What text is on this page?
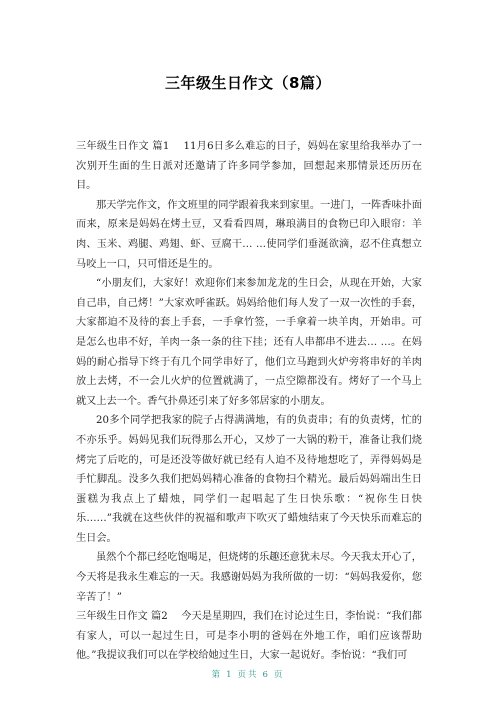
三年级生日作文（8篇）

三年级生日作文 篇1　 11月6日多么难忘的日子，妈妈在家里给我举办了一次别开生面的生日派对还邀请了许多同学参加，回想起来那情景还历历在目。

那天学完作文，作文班里的同学跟着我来到家里。一进门，一阵香味扑面而来，原来是妈妈在烤土豆，又看看四周，琳琅满目的食物已印入眼帘：羊肉、玉米、鸡腿、鸡翅、虾、豆腐干… …使同学们垂涎欲滴，忍不住真想立马咬上一口，只可惜还是生的。

“小朋友们，大家好！欢迎你们来参加龙龙的生日会，从现在开始，大家自己串，自己烤！”大家欢呼雀跃。妈妈给他们每人发了一双一次性的手套，大家都迫不及待的套上手套，一手拿竹签，一手拿着一块羊肉，开始串。可是怎么也串不好，羊肉一条一条的往下挂；还有人串都串不进去… …。在妈妈的耐心指导下终于有几个同学串好了，他们立马跑到火炉旁将串好的羊肉放上去烤，不一会儿火炉的位置就满了，一点空隙都没有。烤好了一个马上就又上去一个。香气扑鼻还引来了好多邻居家的小朋友。

20多个同学把我家的院子占得满满地，有的负责串；有的负责烤，忙的不亦乐乎。妈妈见我们玩得那么开心，又炒了一大锅的粉干，准备让我们烧烤完了后吃的，可是还没等做好就已经有人迫不及待地想吃了，弄得妈妈是手忙脚乱。没多久我们把妈妈精心准备的食物扫个精光。最后妈妈端出生日蛋糕为我点上了蜡烛，同学们一起唱起了生日快乐歌：“祝你生日快乐……”我就在这些伙伴的祝福和歌声下吹灭了蜡烛结束了今天快乐而难忘的生日会。

虽然个个都已经吃饱喝足，但烧烤的乐趣还意犹未尽。今天我太开心了，今天将是我永生难忘的一天。我感谢妈妈为我所做的一切：“妈妈我爱你，您辛苦了！”

三年级生日作文 篇2　 今天是星期四，我们在讨论过生日，李怡说：“我们都有家人，可以一起过生日，可是李小明的爸妈在外地工作，咱们应该帮助他。”我提议我们可以在学校给她过生日，大家一起说好。李怡说：“我们可

第 1 页共 6 页
